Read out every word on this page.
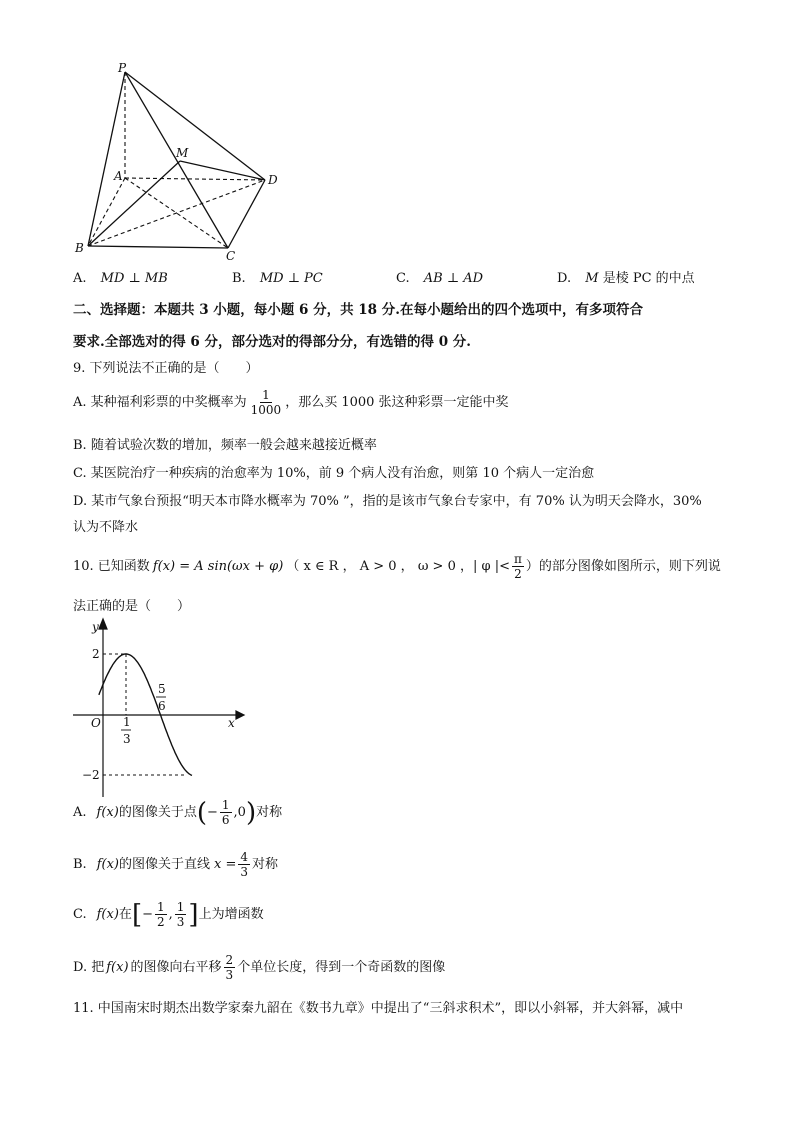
P
M
A	D
B
C
A. MD ⊥ MB	B. MD ⊥ PC	C. AB ⊥ AD	D. M 是棱 PC 的中点
二、选择题：本题共 3 小题，每小题 6 分，共 18 分.在每小题给出的四个选项中，有多项符合
要求.全部选对的得 6 分，部分选对的得部分分，有选错的得 0 分.
9. 下列说法不正确的是（　　）
A. 某种福利彩票的中奖概率为 $\frac{1}{1000}$ ，那么买 1000 张这种彩票一定能中奖
B. 随着试验次数的增加，频率一般会越来越接近概率
C. 某医院治疗一种疾病的治愈率为 10%，前 9 个病人没有治愈，则第 10 个病人一定治愈
D. 某市气象台预报“明天本市降水概率为 70% ”，指的是该市气象台专家中，有 70% 认为明天会降水，30%
认为不降水
10. 已知函数 f(x) = A sin(ωx + φ) （ x ∈ R ， A > 0 ， ω > 0 ，| φ |< $\frac{\pi}{2}$ ）的部分图像如图所示，则下列说
法正确的是（　　）
y
x
O
2
−2
1
3
5
6
A. f(x) 的图像关于点 ( − $\frac{1}{6} ,0$ ) 对称
B. f(x) 的图像关于直线 $x = \frac{4}{3}$ 对称
C. f(x) 在 [ − $\frac{1}{2}$ , $\frac{1}{3}$ ] 上为增函数
D. 把 f(x) 的图像向右平移 $\frac{2}{3}$ 个单位长度，得到一个奇函数的图像
11. 中国南宋时期杰出数学家秦九韶在《数书九章》中提出了“三斜求积术”，即以小斜幂，并大斜幂，减中
